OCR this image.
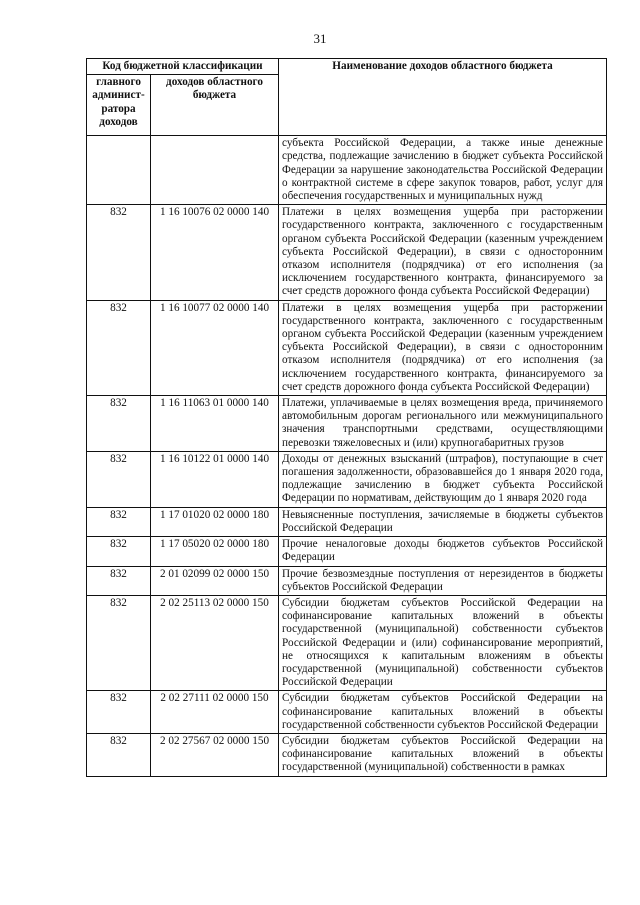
31
Код бюджетной классификации		Наименование доходов областного бюджета
главного админист-ратора доходов	доходов областного бюджета	
		субъекта Российской Федерации, а также иные денежные средства, подлежащие зачислению в бюджет субъекта Российской Федерации за нарушение законодательства Российской Федерации о контрактной системе в сфере закупок товаров, работ, услуг для обеспечения государственных и муниципальных нужд
832	1 16 10076 02 0000 140	Платежи в целях возмещения ущерба при расторжении государственного контракта, заключенного с государственным органом субъекта Российской Федерации (казенным учреждением субъекта Российской Федерации), в связи с односторонним отказом исполнителя (подрядчика) от его исполнения (за исключением государственного контракта, финансируемого за счет средств дорожного фонда субъекта Российской Федерации)
832	1 16 10077 02 0000 140	Платежи в целях возмещения ущерба при расторжении государственного контракта, заключенного с государственным органом субъекта Российской Федерации (казенным учреждением субъекта Российской Федерации), в связи с односторонним отказом исполнителя (подрядчика) от его исполнения (за исключением государственного контракта, финансируемого за счет средств дорожного фонда субъекта Российской Федерации)
832	1 16 11063 01 0000 140	Платежи, уплачиваемые в целях возмещения вреда, причиняемого автомобильным дорогам регионального или межмуниципального значения транспортными средствами, осуществляющими перевозки тяжеловесных и (или) крупногабаритных грузов
832	1 16 10122 01 0000 140	Доходы от денежных взысканий (штрафов), поступающие в счет погашения задолженности, образовавшейся до 1 января 2020 года, подлежащие зачислению в бюджет субъекта Российской Федерации по нормативам, действующим до 1 января 2020 года
832	1 17 01020 02 0000 180	Невыясненные поступления, зачисляемые в бюджеты субъектов Российской Федерации
832	1 17 05020 02 0000 180	Прочие неналоговые доходы бюджетов субъектов Российской Федерации
832	2 01 02099 02 0000 150	Прочие безвозмездные поступления от нерезидентов в бюджеты субъектов Российской Федерации
832	2 02 25113 02 0000 150	Субсидии бюджетам субъектов Российской Федерации на софинансирование капитальных вложений в объекты государственной (муниципальной) собственности субъектов Российской Федерации и (или) софинансирование мероприятий, не относящихся к капитальным вложениям в объекты государственной (муниципальной) собственности субъектов Российской Федерации
832	2 02 27111 02 0000 150	Субсидии бюджетам субъектов Российской Федерации на софинансирование капитальных вложений в объекты государственной собственности субъектов Российской Федерации
832	2 02 27567 02 0000 150	Субсидии бюджетам субъектов Российской Федерации на софинансирование капитальных вложений в объекты государственной (муниципальной) собственности в рамках
